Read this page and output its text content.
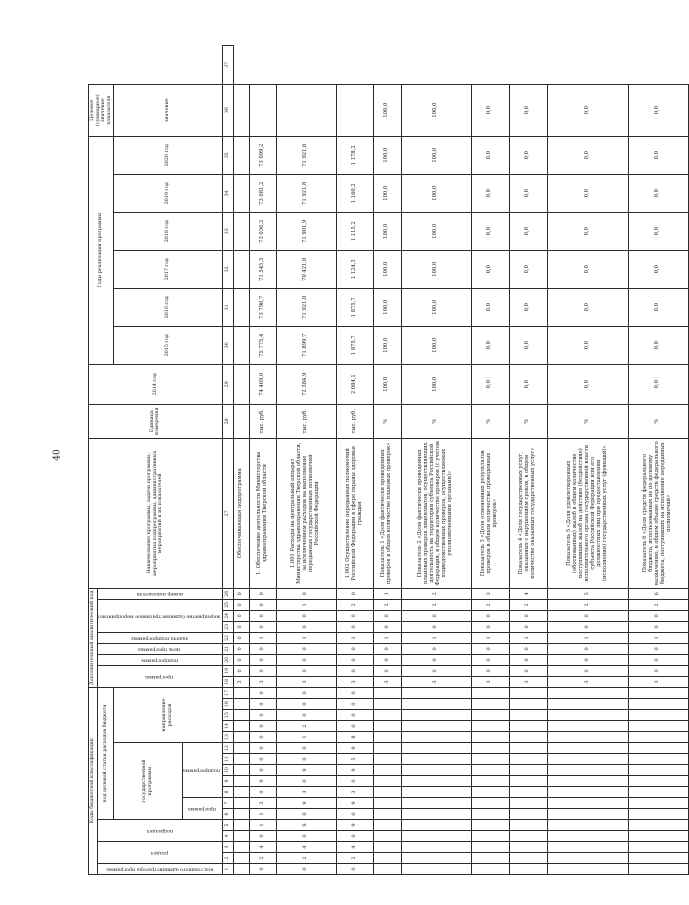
40
Коды бюджетной классификации																	Дополнительный аналитический код									Наименование программы, задачи программы, мероприятия подпрограммы, административных мероприятий и их показателей	Единица измерения	2014 год	Годы реализации программы						Целевое (суммарное) значение показателя	
код главного администратора программы	раздел		подраздел		код целевой статьи расходов бюджета												программа		подпрограмма	цель программы	задача подпрограммы	мероприятие (административное мероприятие)			номер показателя											
					государственной программы							направление расходов																	2015 год	2016 год	2017 год	2018 год	2019 год	2020 год	значение	
					программа		подпрограмма																													
1	2	3	4	5	6	7	8	9	10	11	12	13	14	15	16	17	18	19	20	21	22	23	24	25	26	27	28	29	30	31	32	33	34	35	36	37
																	3	0	0	0	0	0	0	0	0	Обеспечивающая подпрограмма										
0	2	4	0	1	1	3	0	9	0	0	0	0	0	0	0	0	3	0	0	0	1	0	0	0	0	1. Обеспечение деятельности Министерства здравоохранения Тверской области	тыс. руб.	74 469,0	75 775,4	73 796,7	71 545,3	73 036,2	73 081,2	73 099,2		
0	2	4	0	9	0	9	3	0	9	0	0	1	2	0	0	0	3	0	0	0	1	0	0	1	0	1.001 Расходы на центральный аппарат Министерства здравоохранения Тверской области, за исключением расходов на выполнение переданных государственных полномочий Российской Федерации	тыс. руб.	72 384,9	71 899,7	71 921,0	70 421,0	71 901,9	71 921,8	71 921,6		
0	2	4	0	9	0	9	3	0	9	5	9	8	0	0	0	0	3	0	0	0	1	0	0	2	0	1.002 Осуществление переданных полномочий Российской Федерации в сфере охраны здоровья граждан	тыс. руб.	2 084,1	1 875,7	1 875,7	1 124,3	1 115,2	1 160,2	1 178,2		
																	3	0	0	0	1	0	0	2	1	Показатель 1 «Доля фактически проведенных проверок в общем количестве плановых проверок»	%	100,0	100,0	100,0	100,0	100,0	100,0	100,0	100,0	
																	3	0	0	0	1	0	0	2	2	Показатель 2 «Доля фактически проведенных плановых проверок лицензиатов, осуществляющих деятельность на территории субъекта Российской Федерации, в общем количестве проверок (с учетом подведомственных проверок, осуществляемых уполномоченными органами)»	%	100,0	100,0	100,0	100,0	100,0	100,0	100,0	100,0	
																	3	0	0	0	1	0	0	2	3	Показатель 3 «Доля отмененных результатов проверок в общем количестве проведенных проверок»	%	0,0	0,0	0,0	0,0	0,0	0,0	0,0	0,0	
																	3	0	0	0	1	0	0	2	4	Показатель 4 «Доля государственных услуг, оказанных с нарушением сроков, в общем количестве оказанных государственных услуг»	%	0,0	0,0	0,0	0,0	0,0	0,0	0,0	0,0	
																	3	0	0	0	1	0	0	2	5	Показатель 5 «Доля удовлетворенных (обоснованных) жалоб в общем количестве поступивших жалоб на действия (бездействие) исполнительного органа государственной власти субъекта Российской Федерации или его должностных лиц при предоставлении (исполнении) государственных услуг (функций)»	%	0,0	0,0	0,0	0,0	0,0	0,0	0,0	0,0	
																	3	0	0	0	1	0	0	2	6	Показатель 6 «Доля средств федерального бюджета, использованных не по целевому назначению, в общем объеме средств федерального бюджета, поступивших на исполнение переданных полномочий»	%	0,0	0,0	0,0	0,0	0,0	0,0	0,0	0,0	
